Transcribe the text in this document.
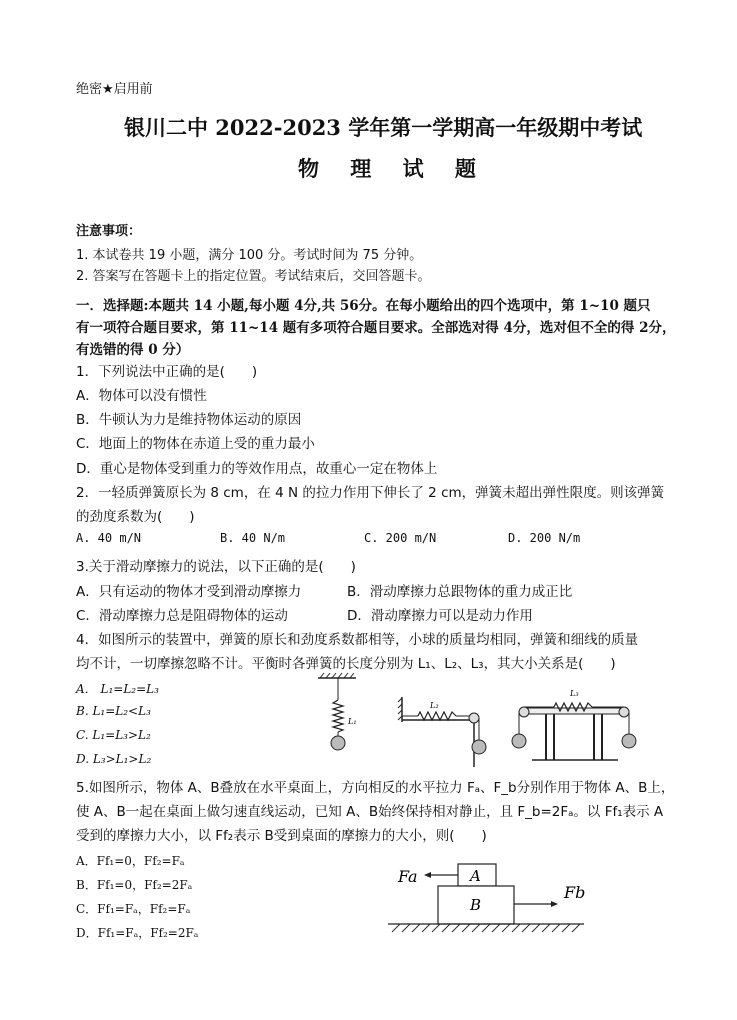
绝密★启用前
银川二中 2022-2023 学年第一学期高一年级期中考试
物 理 试 题
注意事项：
1. 本试卷共 19 小题，满分 100 分。考试时间为 75 分钟。
2. 答案写在答题卡上的指定位置。考试结束后，交回答题卡。
一．选择题:本题共 14 小题,每小题 4分,共 56分。在每小题给出的四个选项中，第 1~10 题只
有一项符合题目要求，第 11~14 题有多项符合题目要求。全部选对得 4分，选对但不全的得 2分，
有选错的得 0 分）
1．下列说法中正确的是(　　)
A．物体可以没有惯性
B．牛顿认为力是维持物体运动的原因
C．地面上的物体在赤道上受的重力最小
D．重心是物体受到重力的等效作用点，故重心一定在物体上
2．一轻质弹簧原长为 8 cm，在 4 N 的拉力作用下伸长了 2 cm，弹簧未超出弹性限度。则该弹簧
的劲度系数为(　　)
A. 40 m/N	B. 40 N/m	C. 200 m/N	D. 200 N/m
3.关于滑动摩擦力的说法，以下正确的是(　　)
A．只有运动的物体才受到滑动摩擦力	B．滑动摩擦力总跟物体的重力成正比
C．滑动摩擦力总是阻碍物体的运动	D．滑动摩擦力可以是动力作用
4．如图所示的装置中，弹簧的原长和劲度系数都相等，小球的质量均相同，弹簧和细线的质量
均不计，一切摩擦忽略不计。平衡时各弹簧的长度分别为 L₁、L₂、L₃，其大小关系是(　　)
A． L₁=L₂=L₃
B. L₁=L₂<L₃
C. L₁=L₃>L₂
D. L₃>L₁>L₂
L₁
L₂
L₃
5.如图所示，物体 A、B叠放在水平桌面上，方向相反的水平拉力 Fₐ、F_b分别作用于物体 A、B上，
使 A、B一起在桌面上做匀速直线运动，已知 A、B始终保持相对静止，且 F_b=2Fₐ。以 Ff₁表示 A
受到的摩擦力大小，以 Ff₂表示 B受到桌面的摩擦力的大小，则(　　)
A．Ff₁=0，Ff₂=Fₐ
B．Ff₁=0，Ff₂=2Fₐ
C．Ff₁=Fₐ，Ff₂=Fₐ
D．Ff₁=Fₐ，Ff₂=2Fₐ
Fa	A
B
Fb
